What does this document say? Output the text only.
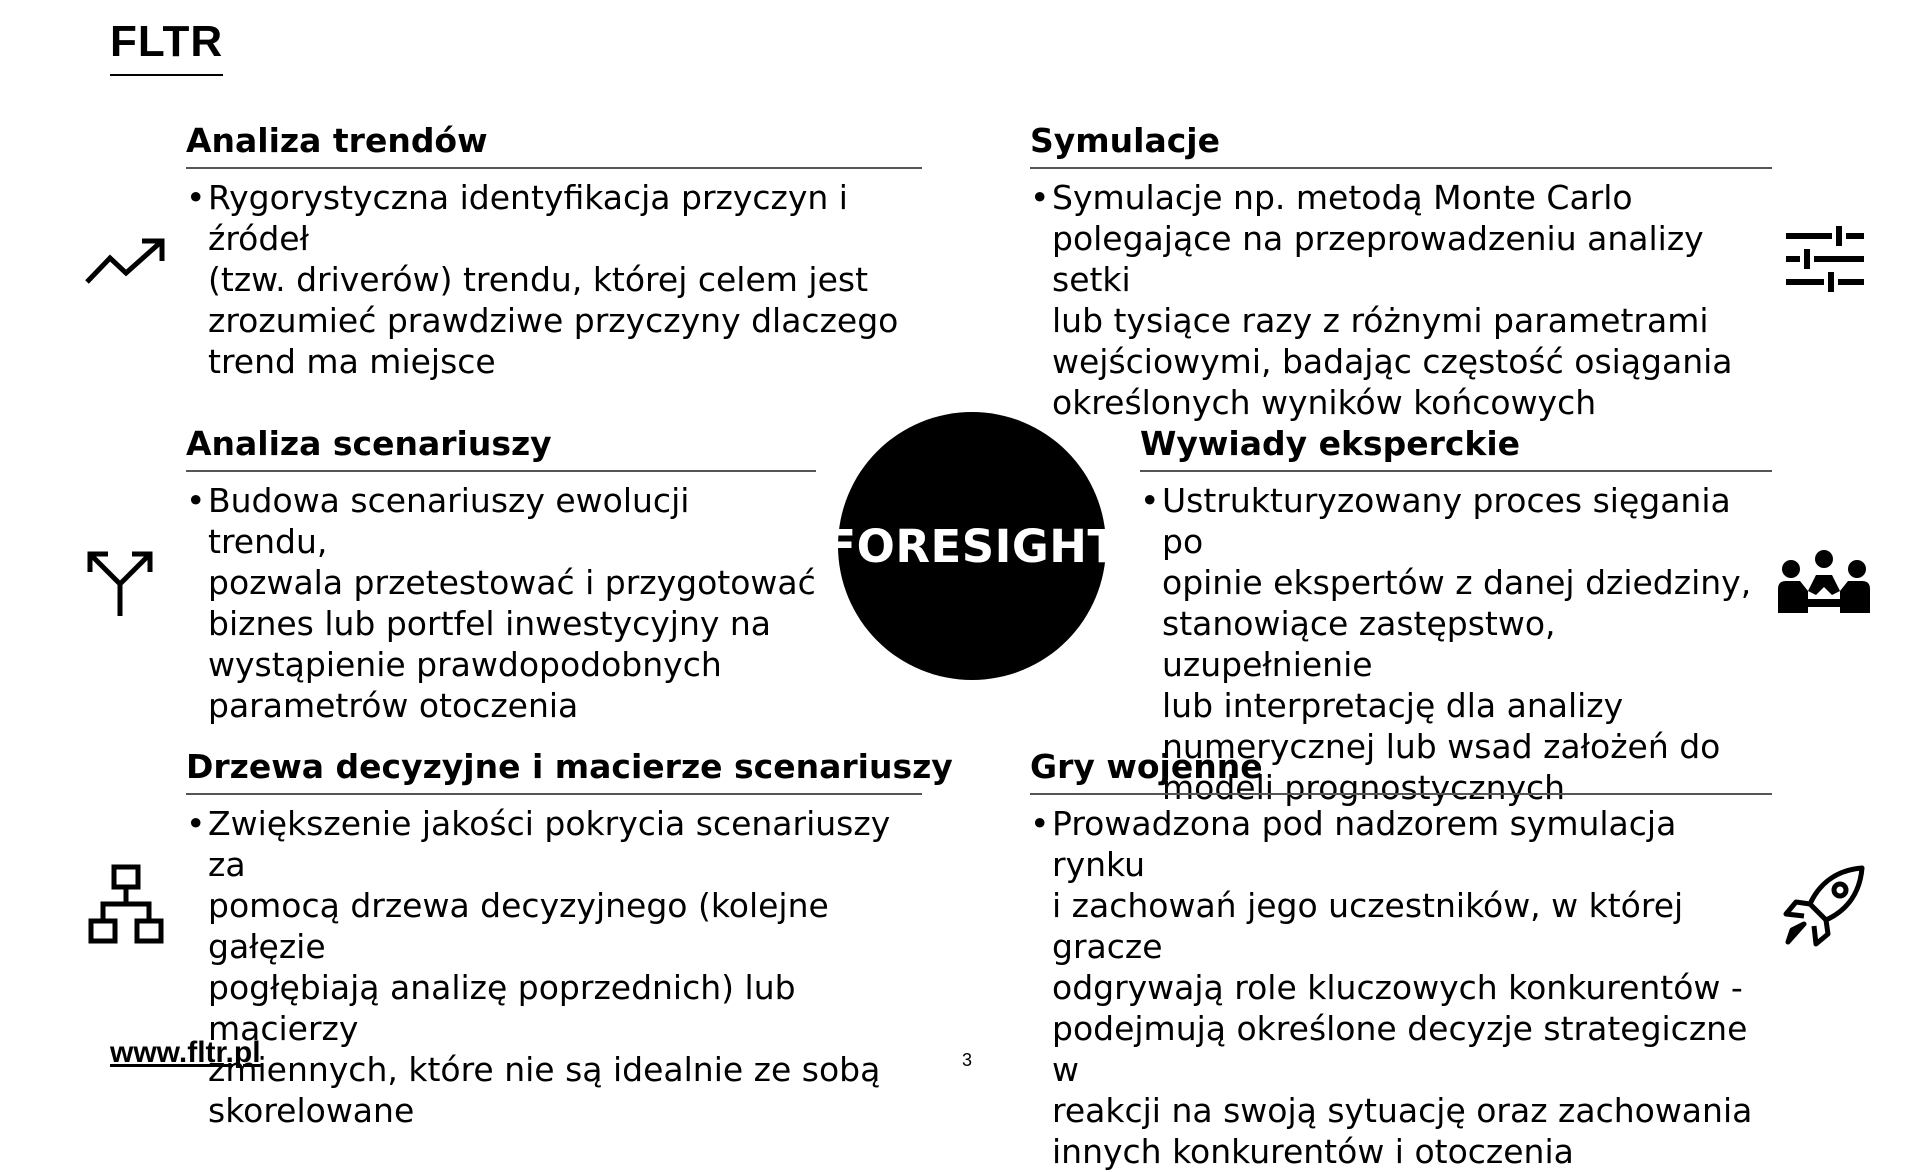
FLTR
Analiza trendów
• Rygorystyczna identyfikacja przyczyn i źródeł
(tzw. driverów) trendu, której celem jest
zrozumieć prawdziwe przyczyny dlaczego
trend ma miejsce
Symulacje
• Symulacje np. metodą Monte Carlo
polegające na przeprowadzeniu analizy setki
lub tysiące razy z różnymi parametrami
wejściowymi, badając częstość osiągania
określonych wyników końcowych
Analiza scenariuszy
• Budowa scenariuszy ewolucji trendu,
pozwala przetestować i przygotować
biznes lub portfel inwestycyjny na
wystąpienie prawdopodobnych
parametrów otoczenia
Wywiady eksperckie
• Ustrukturyzowany proces sięgania po
opinie ekspertów z danej dziedziny,
stanowiące zastępstwo, uzupełnienie
lub interpretację dla analizy
numerycznej lub wsad założeń do
modeli prognostycznych
Drzewa decyzyjne i macierze scenariuszy
• Zwiększenie jakości pokrycia scenariuszy za
pomocą drzewa decyzyjnego (kolejne gałęzie
pogłębiają analizę poprzednich) lub macierzy
zmiennych, które nie są idealnie ze sobą
skorelowane
Gry wojenne
• Prowadzona pod nadzorem symulacja rynku
i zachowań jego uczestników, w której gracze
odgrywają role kluczowych konkurentów -
podejmują określone decyzje strategiczne w
reakcji na swoją sytuację oraz zachowania
innych konkurentów i otoczenia
FORESIGHT
www.fltr.pl	3
